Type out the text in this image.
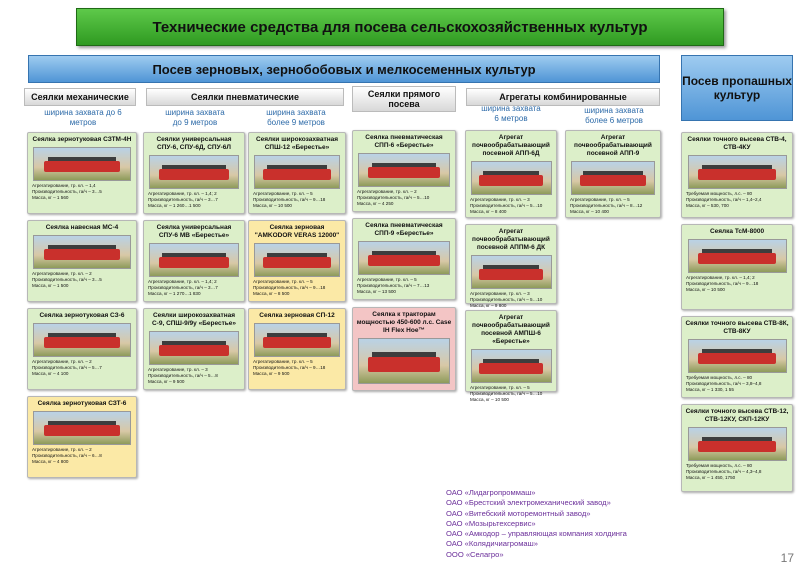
Технические средства для посева сельскохозяйственных культур
Посев зерновых, зернобобовых и мелкосеменных культур
Посев пропашных культур
Сеялки механические	Сеялки пневматические	Сеялки прямого посева
Агрегаты комбинированные
ширина захвата до 6 метров
ширина захвата до 9 метров
ширина захвата более 9 метров
ширина захвата 6 метров
ширина захвата более 6 метров
Сеялка зернотуковая СЗТМ-4Н
Агрегатирование, тр. кл. – 1,4
Производительность, га/ч – 3…5
Масса, кг – 1 560
Сеялка навесная МС-4
Агрегатирование, тр. кл. – 2
Производительность, га/ч – 3…5
Масса, кг – 1 500
Сеялка зернотуковая СЗ-6
Агрегатирование, тр. кл. – 2
Производительность, га/ч – 5…7
Масса, кг – 4 100
Сеялка зернотуковая СЗТ-6
Агрегатирование, тр. кл. – 2
Производительность, га/ч – 6…8
Масса, кг – 4 800
Сеялки универсальная СПУ-6, СПУ-6Д, СПУ-6Л
Агрегатирование, тр. кл. – 1,4; 2
Производительность, га/ч – 3…7
Масса, кг – 1 260…1 500
Сеялка универсальная СПУ-6 МВ «Берестье»
Агрегатирование, тр. кл. – 1,4; 2
Производительность, га/ч – 3…7
Масса, кг – 1 270…1 830
Сеялки широкозахватная С-9, СПШ-9/9у «Берестье»
Агрегатирование, тр. кл. – 3
Производительность, га/ч – 5…8
Масса, кг – 9 500
Сеялки широкозахватная СПШ-12 «Берестье»
Агрегатирование, тр. кл. – 5
Производительность, га/ч – 9…18
Масса, кг – 10 500
Сеялка зерновая "AMKODOR VERAS 12000"
Агрегатирование, тр. кл. – 5
Производительность, га/ч – 9…18
Масса, кг – 8 500
Сеялка зерновая СП-12
Агрегатирование, тр. кл. – 5
Производительность, га/ч – 9…18
Масса, кг – 9 500
Сеялка пневматическая СПП-6 «Берестье»
Агрегатирование, тр. кл. – 2
Производительность, га/ч – 5…10
Масса, кг – 4 250
Сеялка пневматическая СПП-9 «Берестье»
Агрегатирование, тр. кл. – 5
Производительность, га/ч – 7…13
Масса, кг – 13 500
Сеялка к тракторам мощностью 450-600 л.с. Case IH Flex Hoe™
Агрегат почвообрабатывающий посевной АПП-6Д
Агрегатирование, тр. кл. – 3
Производительность, га/ч – 5…10
Масса, кг – 8 400
Агрегат почвообрабатывающий посевной АППМ-6 ДК
Агрегатирование, тр. кл. – 3
Производительность, га/ч – 5…10
Масса, кг – 9 800
Агрегат почвообрабатывающий посевной АМПШ-6 «Берестье»
Агрегатирование, тр. кл. – 5
Производительность, га/ч – 5…10
Масса, кг – 10 500
Агрегат почвообрабатывающий посевной АПП-9
Агрегатирование, тр. кл. – 5
Производительность, га/ч – 8…12
Масса, кг – 10 400
Сеялки точного высева СТВ-4, СТВ-4КУ
Требуемая мощность, л.с. – 80
Производительность, га/ч – 1,4–2,4
Масса, кг – 530, 700
Сеялка ТсМ-8000
Агрегатирование, тр. кл. – 1,4; 2
Производительность, га/ч – 9…18
Масса, кг – 10 500
Сеялки точного высева СТВ-8К, СТВ-8КУ
Требуемая мощность, л.с. – 80
Производительность, га/ч – 3,8–4,8
Масса, кг – 1 330, 1 55
Сеялки точного высева СТВ-12, СТВ-12КУ, СКП-12КУ
Требуемая мощность, л.с. – 80
Производительность, га/ч – 4,3–4,8
Масса, кг – 1 450, 1750
ОАО «Лидагропроммаш»
ОАО «Брестский электромеханический завод»
ОАО «Витебский моторемонтный завод»
ОАО «Мозырьтехсервис»
ОАО «Амкодор – управляющая компания холдинга
ОАО «Колядичиагромаш»
ООО «Селагро»	17
